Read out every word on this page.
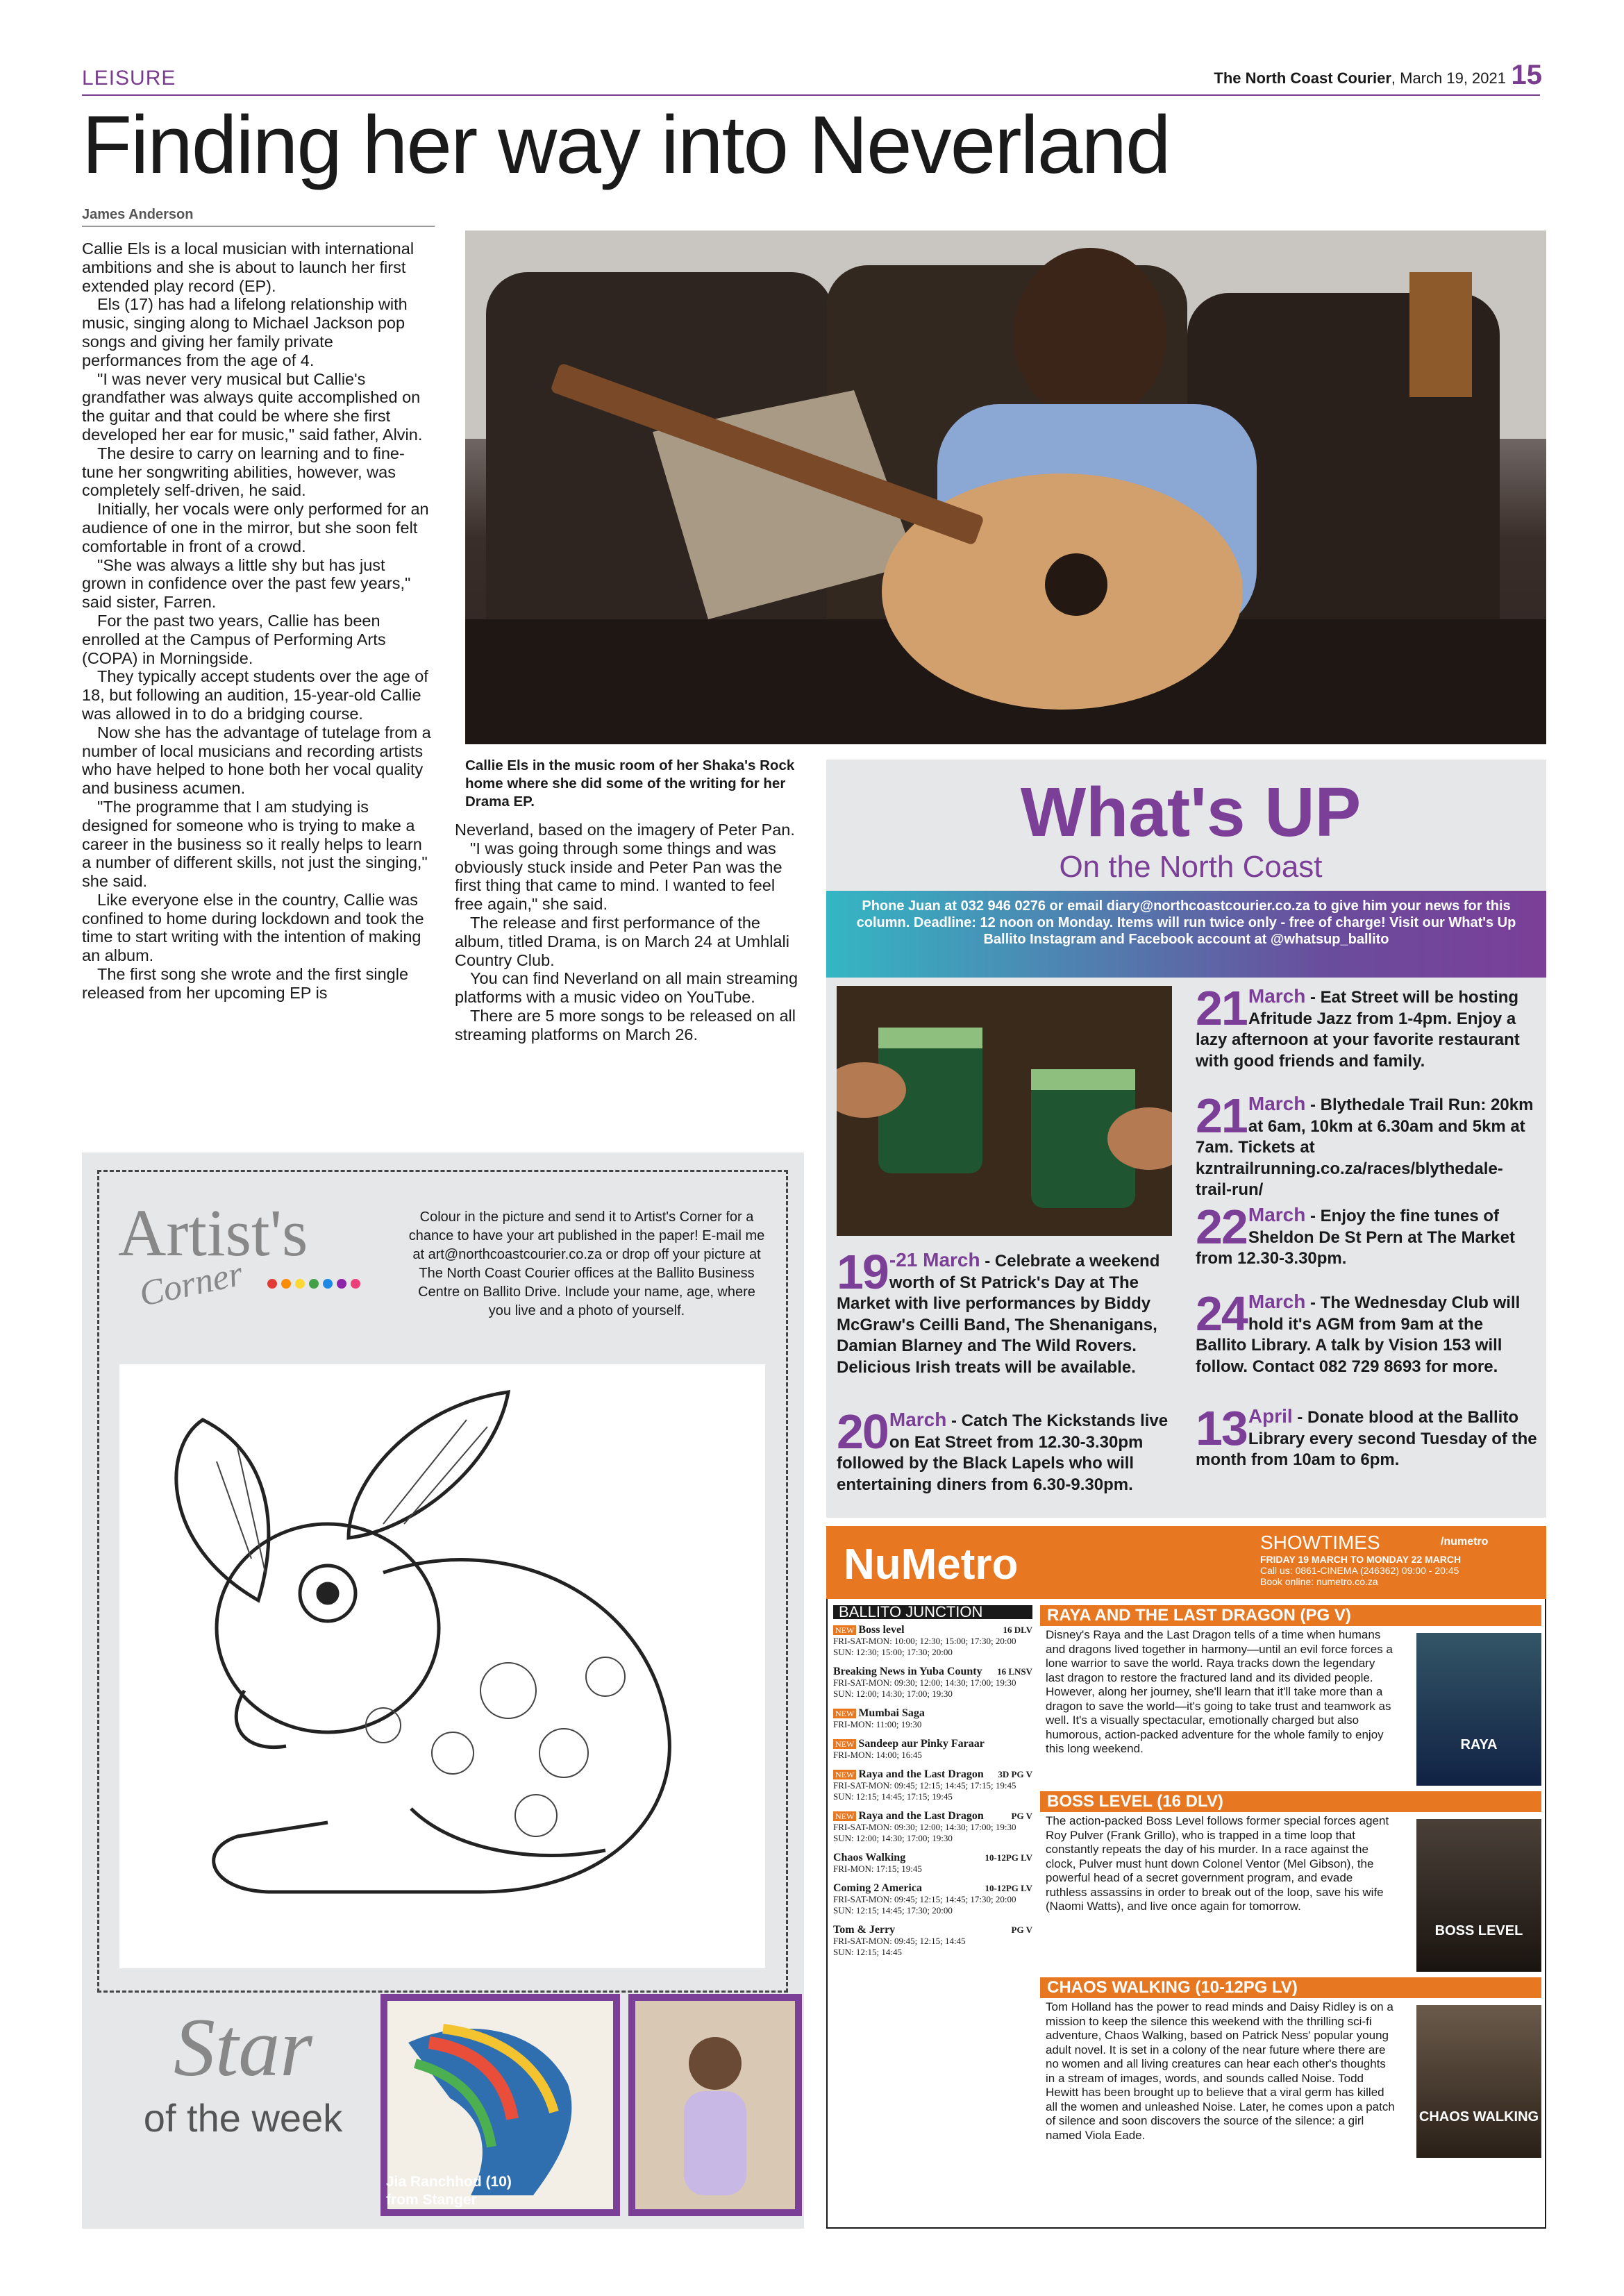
LEISURE	The North Coast Courier, March 19, 2021 15
Finding her way into Neverland
James Anderson
Callie Els in the music room of her Shaka's Rock home where she did some of the writing for her Drama EP.

Callie Els is a local musician with international ambitions and she is about to launch her first extended play record (EP).

Els (17) has had a lifelong relationship with music, singing along to Michael Jackson pop songs and giving her family private performances from the age of 4.

"I was never very musical but Callie's grandfather was always quite accomplished on the guitar and that could be where she first developed her ear for music," said father, Alvin.

The desire to carry on learning and to fine-tune her songwriting abilities, however, was completely self-driven, he said.

Initially, her vocals were only performed for an audience of one in the mirror, but she soon felt comfortable in front of a crowd.

"She was always a little shy but has just grown in confidence over the past few years," said sister, Farren.

For the past two years, Callie has been enrolled at the Campus of Performing Arts (COPA) in Morningside.

They typically accept students over the age of 18, but following an audition, 15-year-old Callie was allowed in to do a bridging course.

Now she has the advantage of tutelage from a number of local musicians and recording artists who have helped to hone both her vocal quality and business acumen.

"The programme that I am studying is designed for someone who is trying to make a career in the business so it really helps to learn a number of different skills, not just the singing," she said.

Like everyone else in the country, Callie was confined to home during lockdown and took the time to start writing with the intention of making an album.

The first song she wrote and the first single released from her upcoming EP is

Neverland, based on the imagery of Peter Pan.

"I was going through some things and was obviously stuck inside and Peter Pan was the first thing that came to mind. I wanted to feel free again," she said.

The release and first performance of the album, titled Drama, is on March 24 at Umhlali Country Club.

You can find Neverland on all main streaming platforms with a music video on YouTube.

There are 5 more songs to be released on all streaming platforms on March 26.

What's UP
On the North Coast
Phone Juan at 032 946 0276 or email diary@northcoastcourier.co.za to give him your news for this column. Deadline: 12 noon on Monday. Items will run twice only - free of charge! Visit our What's Up Ballito Instagram and Facebook account at @whatsup_ballito
19 -21 March - Celebrate a weekend worth of St Patrick's Day at The Market with live performances by Biddy McGraw's Ceilli Band, The Shenanigans, Damian Blarney and The Wild Rovers. Delicious Irish treats will be available.
20 March - Catch The Kickstands live on Eat Street from 12.30-3.30pm followed by the Black Lapels who will entertaining diners from 6.30-9.30pm.
21 March - Eat Street will be hosting Afritude Jazz from 1-4pm. Enjoy a lazy afternoon at your favorite restaurant with good friends and family.
21 March - Blythedale Trail Run: 20km at 6am, 10km at 6.30am and 5km at 7am. Tickets at kzntrailrunning.co.za/races/blythedale-trail-run/
22 March - Enjoy the fine tunes of Sheldon De St Pern at The Market from 12.30-3.30pm.
24 March - The Wednesday Club will hold it's AGM from 9am at the Ballito Library. A talk by Vision 153 will follow. Contact 082 729 8693 for more.
13 April - Donate blood at the Ballito Library every second Tuesday of the month from 10am to 6pm.
Artist's
Corner
Colour in the picture and send it to Artist's Corner for a chance to have your art published in the paper! E-mail me at art@northcoastcourier.co.za or drop off your picture at The North Coast Courier offices at the Ballito Business Centre on Ballito Drive. Include your name, age, where you live and a photo of yourself.
Star
of the week
Jia Ranchhod (10)
from Stanger
NuMetro	SHOWTIMES
FRIDAY 19 MARCH TO MONDAY 22 MARCH
Call us: 0861-CINEMA (246362) 09:00 - 20:45
Book online: numetro.co.za
/numetro
BALLITO JUNCTION
NEW Boss level	16 DLV
FRI-SAT-MON: 10:00; 12:30; 15:00; 17:30; 20:00
SUN: 12:30; 15:00; 17:30; 20:00
Breaking News in Yuba County 16 LNSV
FRI-SAT-MON: 09:30; 12:00; 14:30; 17:00; 19:30
SUN: 12:00; 14:30; 17:00; 19:30
NEW Mumbai Saga
FRI-MON: 11:00; 19:30
NEW Sandeep aur Pinky Faraar
FRI-MON: 14:00; 16:45
NEW Raya and the Last Dragon 3D PG V
FRI-SAT-MON: 09:45; 12:15; 14:45; 17:15; 19:45
SUN: 12:15; 14:45; 17:15; 19:45
NEW Raya and the Last Dragon	PG V
FRI-SAT-MON: 09:30; 12:00; 14:30; 17:00; 19:30
SUN: 12:00; 14:30; 17:00; 19:30
Chaos Walking	10-12PG LV
FRI-MON: 17:15; 19:45
Coming 2 America	10-12PG LV
FRI-SAT-MON: 09:45; 12:15; 14:45; 17:30; 20:00
SUN: 12:15; 14:45; 17:30; 20:00
Tom & Jerry	PG V
FRI-SAT-MON: 09:45; 12:15; 14:45
SUN: 12:15; 14:45
RAYA AND THE LAST DRAGON (PG V)
Disney's Raya and the Last Dragon tells of a time when humans and dragons lived together in harmony—until an evil force forces a lone warrior to save the world. Raya tracks down the legendary last dragon to restore the fractured land and its divided people. However, along her journey, she'll learn that it'll take more than a dragon to save the world—it's going to take trust and teamwork as well. It's a visually spectacular, emotionally charged but also humorous, action-packed adventure for the whole family to enjoy this long weekend.	RAYA
BOSS LEVEL (16 DLV)
The action-packed Boss Level follows former special forces agent Roy Pulver (Frank Grillo), who is trapped in a time loop that constantly repeats the day of his murder. In a race against the clock, Pulver must hunt down Colonel Ventor (Mel Gibson), the powerful head of a secret government program, and evade ruthless assassins in order to break out of the loop, save his wife (Naomi Watts), and live once again for tomorrow.
BOSS LEVEL
CHAOS WALKING (10-12PG LV)
Tom Holland has the power to read minds and Daisy Ridley is on a mission to keep the silence this weekend with the thrilling sci-fi adventure, Chaos Walking, based on Patrick Ness' popular young adult novel. It is set in a colony of the near future where there are no women and all living creatures can hear each other's thoughts in a stream of images, words, and sounds called Noise. Todd Hewitt has been brought up to believe that a viral germ has killed all the women and unleashed Noise. Later, he comes upon a patch of silence and soon discovers the source of the silence: a girl named Viola Eade.
CHAOS WALKING
